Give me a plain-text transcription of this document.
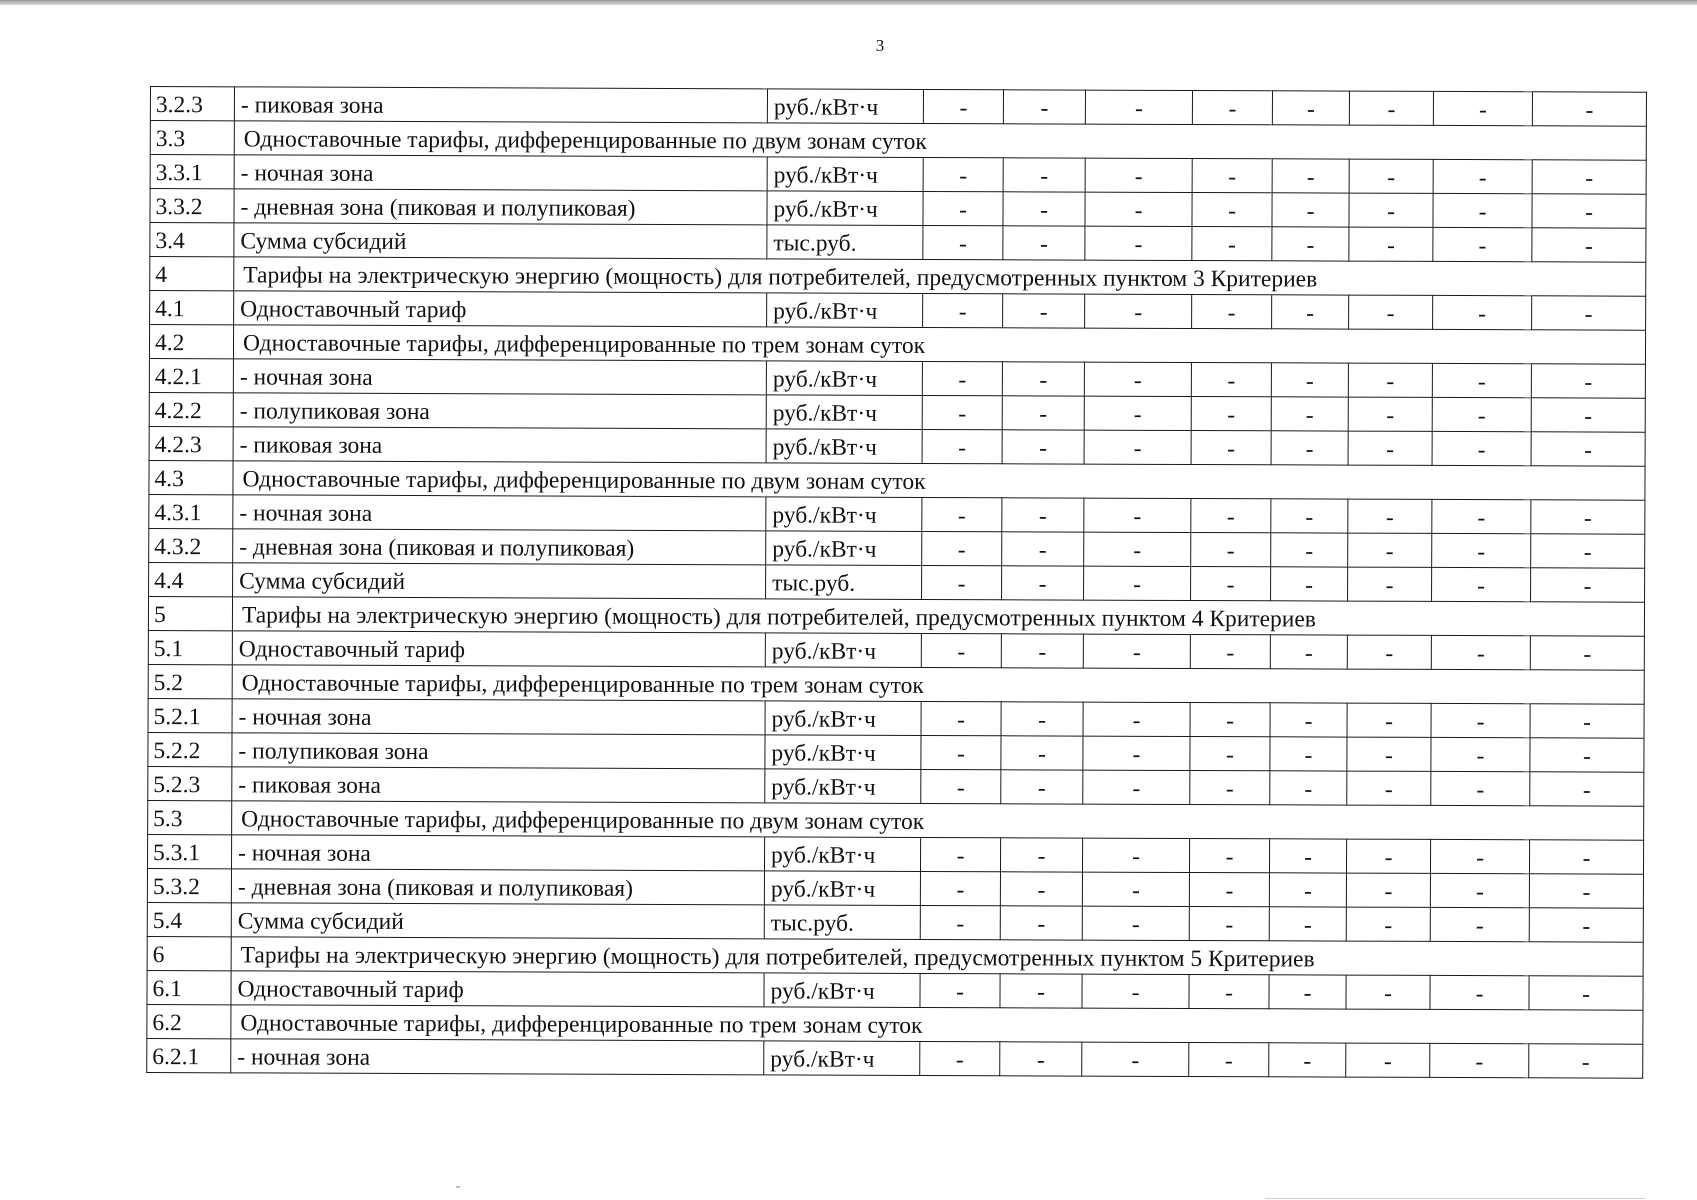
3
3.2.3	- пиковая зона	руб./кВт·ч	-	-	-	-	-	-	-	-
3.3	Одноставочные тарифы, дифференцированные по двум зонам суток									
3.3.1	- ночная зона	руб./кВт·ч	-	-	-	-	-	-	-	-
3.3.2	- дневная зона (пиковая и полупиковая)	руб./кВт·ч	-	-	-	-	-	-	-	-
3.4	Сумма субсидий	тыс.руб.	-	-	-	-	-	-	-	-
4	Тарифы на электрическую энергию (мощность) для потребителей, предусмотренных пунктом 3 Критериев									
4.1	Одноставочный тариф	руб./кВт·ч	-	-	-	-	-	-	-	-
4.2	Одноставочные тарифы, дифференцированные по трем зонам суток									
4.2.1	- ночная зона	руб./кВт·ч	-	-	-	-	-	-	-	-
4.2.2	- полупиковая зона	руб./кВт·ч	-	-	-	-	-	-	-	-
4.2.3	- пиковая зона	руб./кВт·ч	-	-	-	-	-	-	-	-
4.3	Одноставочные тарифы, дифференцированные по двум зонам суток									
4.3.1	- ночная зона	руб./кВт·ч	-	-	-	-	-	-	-	-
4.3.2	- дневная зона (пиковая и полупиковая)	руб./кВт·ч	-	-	-	-	-	-	-	-
4.4	Сумма субсидий	тыс.руб.	-	-	-	-	-	-	-	-
5	Тарифы на электрическую энергию (мощность) для потребителей, предусмотренных пунктом 4 Критериев									
5.1	Одноставочный тариф	руб./кВт·ч	-	-	-	-	-	-	-	-
5.2	Одноставочные тарифы, дифференцированные по трем зонам суток									
5.2.1	- ночная зона	руб./кВт·ч	-	-	-	-	-	-	-	-
5.2.2	- полупиковая зона	руб./кВт·ч	-	-	-	-	-	-	-	-
5.2.3	- пиковая зона	руб./кВт·ч	-	-	-	-	-	-	-	-
5.3	Одноставочные тарифы, дифференцированные по двум зонам суток									
5.3.1	- ночная зона	руб./кВт·ч	-	-	-	-	-	-	-	-
5.3.2	- дневная зона (пиковая и полупиковая)	руб./кВт·ч	-	-	-	-	-	-	-	-
5.4	Сумма субсидий	тыс.руб.	-	-	-	-	-	-	-	-
6	Тарифы на электрическую энергию (мощность) для потребителей, предусмотренных пунктом 5 Критериев									
6.1	Одноставочный тариф	руб./кВт·ч	-	-	-	-	-	-	-	-
6.2	Одноставочные тарифы, дифференцированные по трем зонам суток									
6.2.1	- ночная зона	руб./кВт·ч	-	-	-	-	-	-	-	-
